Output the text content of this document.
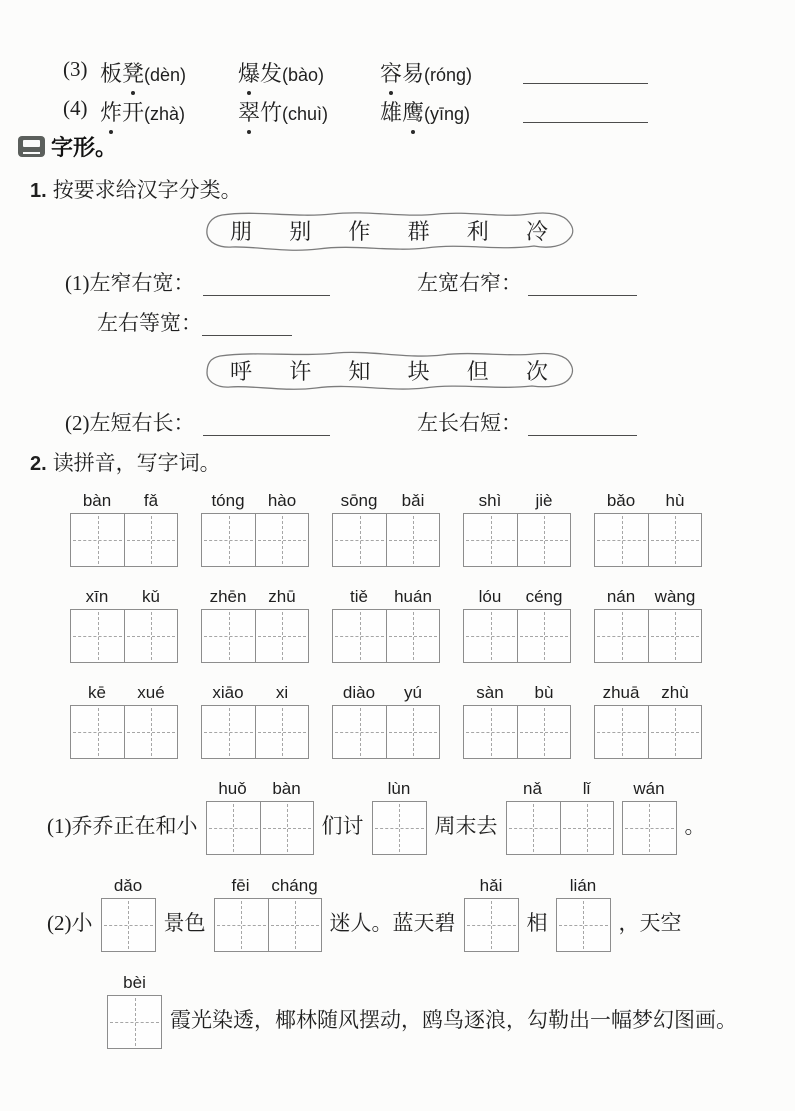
(3) 板凳(dèn) 爆发(bào)	容易(róng)
(4) 炸开(zhà) 翠竹(chuì) 雄鹰(yīng)
字形。
1. 按要求给汉字分类。
朋 别 作 群 利 冷
(1)左窄右宽：	左宽右窄：
左右等宽：
呼 许 知 块 但 次
(2)左短右长：	左长右短：
2. 读拼音，写字词。
bàn	fǎ	tóng	hào	sōng	bǎi	shì	jiè	bǎo	hù
xīn	kǔ	zhēn	zhū	tiě	huán	lóu	céng	nán	wàng
kē	xué	xiāo	xi	diào	yú	sàn	bù	zhuā	zhù
(1)乔乔正在和小
huǒ	bàn
们讨
lùn
周末去
nǎ	lǐ	wán
。
(2)小
dǎo
景色
fēi	cháng
迷人。蓝天碧
hǎi
相
lián
，天空
bèi
霞光染透，椰林随风摆动，鸥鸟逐浪，勾勒出一幅梦幻图画。
